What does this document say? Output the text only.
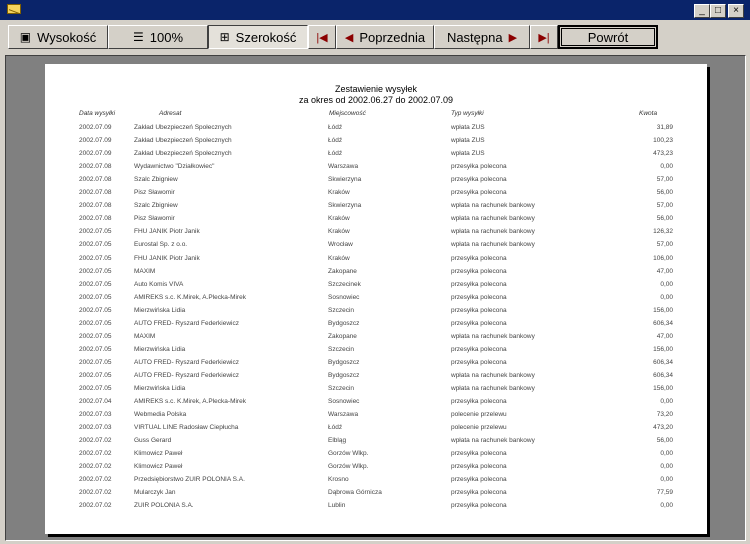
_	□	×
▣ Wysokość	☰ 100%	⊞ Szerokość |◀ ◀ Poprzednia Następna ▶ ▶|	Powrót
Zestawienie wysyłek
za okres od 2002.06.27 do 2002.07.09
Data wysyłki	Adresat	Miejscowość	Typ wysyłki	Kwota
2002.07.09	Zakład Ubezpieczeń Społecznych	Łódź	wpłata ZUS	31,89
2002.07.09	Zakład Ubezpieczeń Społecznych	Łódź	wpłata ZUS	100,23
2002.07.09	Zakład Ubezpieczeń Społecznych	Łódź	wpłata ZUS	473,23
2002.07.08	Wydawnictwo "Działkowiec"	Warszawa	przesyłka polecona	0,00
2002.07.08	Szalc Zbigniew	Skwierzyna	przesyłka polecona	57,00
2002.07.08	Pisz Sławomir	Kraków	przesyłka polecona	56,00
2002.07.08	Szalc Zbigniew	Skwierzyna	wpłata na rachunek bankowy	57,00
2002.07.08	Pisz Sławomir	Kraków	wpłata na rachunek bankowy	56,00
2002.07.05	FHU JANIK Piotr Janik	Kraków	wpłata na rachunek bankowy	126,32
2002.07.05	Eurostal Sp. z o.o.	Wrocław	wpłata na rachunek bankowy	57,00
2002.07.05	FHU JANIK Piotr Janik	Kraków	przesyłka polecona	106,00
2002.07.05	MAXIM	Zakopane	przesyłka polecona	47,00
2002.07.05	Auto Komis VIVA	Szczecinek	przesyłka polecona	0,00
2002.07.05	AMIREKS s.c. K.Mirek, A.Plecka-Mirek	Sosnowiec	przesyłka polecona	0,00
2002.07.05	Mierzwińska Lidia	Szczecin	przesyłka polecona	156,00
2002.07.05	AUTO FRED- Ryszard Federkiewicz	Bydgoszcz	przesyłka polecona	606,34
2002.07.05	MAXIM	Zakopane	wpłata na rachunek bankowy	47,00
2002.07.05	Mierzwińska Lidia	Szczecin	przesyłka polecona	156,00
2002.07.05	AUTO FRED- Ryszard Federkiewicz	Bydgoszcz	przesyłka polecona	606,34
2002.07.05	AUTO FRED- Ryszard Federkiewicz	Bydgoszcz	wpłata na rachunek bankowy	606,34
2002.07.05	Mierzwińska Lidia	Szczecin	wpłata na rachunek bankowy	156,00
2002.07.04	AMIREKS s.c. K.Mirek, A.Plecka-Mirek	Sosnowiec	przesyłka polecona	0,00
2002.07.03	Webmedia Polska	Warszawa	polecenie przelewu	73,20
2002.07.03	VIRTUAL LINE Radosław Ciepłucha	Łódź	polecenie przelewu	473,20
2002.07.02	Guss Gerard	Elbląg	wpłata na rachunek bankowy	56,00
2002.07.02	Klimowicz Paweł	Gorzów Wlkp.	przesyłka polecona	0,00
2002.07.02	Klimowicz Paweł	Gorzów Wlkp.	przesyłka polecona	0,00
2002.07.02	Przedsiębiorstwo ZUIR POLONIA S.A.	Krosno	przesyłka polecona	0,00
2002.07.02	Mularczyk Jan	Dąbrowa Górnicza	przesyłka polecona	77,59
2002.07.02	ZUIR POLONIA S.A.	Lublin	przesyłka polecona	0,00
